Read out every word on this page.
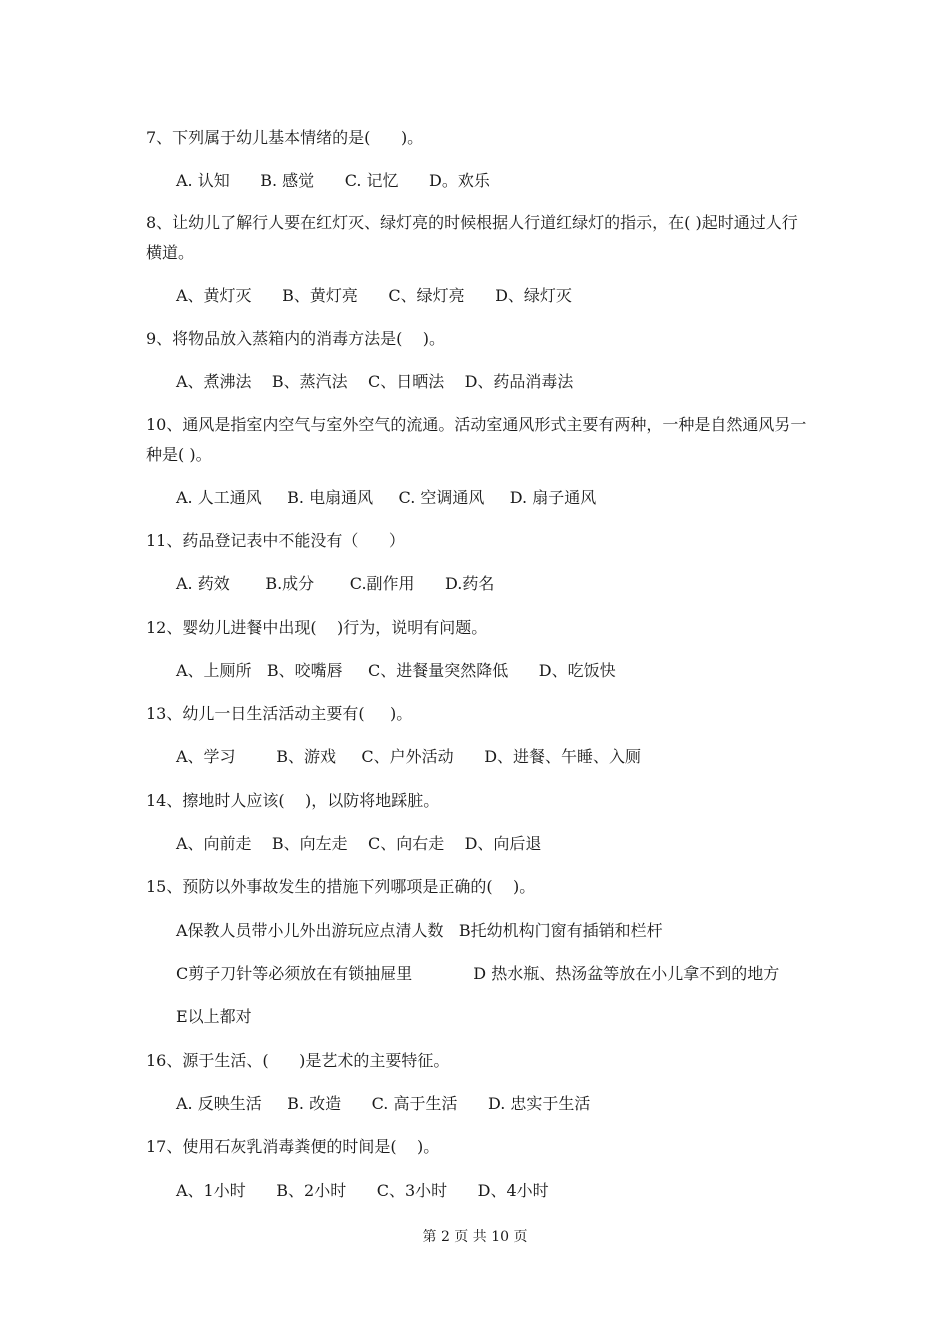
7、下列属于幼儿基本情绪的是(      )。
A. 认知      B. 感觉      C. 记忆      D。欢乐
8、让幼儿了解行人要在红灯灭、绿灯亮的时候根据人行道红绿灯的指示，在( )起时通过人行横道。
A、黄灯灭      B、黄灯亮      C、绿灯亮      D、绿灯灭
9、将物品放入蒸箱内的消毒方法是(    )。
A、煮沸法    B、蒸汽法    C、日晒法    D、药品消毒法
10、通风是指室内空气与室外空气的流通。活动室通风形式主要有两种，一种是自然通风另一种是( )。
A. 人工通风     B. 电扇通风     C. 空调通风     D. 扇子通风
11、药品登记表中不能没有（      ）
A. 药效       B.成分       C.副作用      D.药名
12、婴幼儿进餐中出现(    )行为，说明有问题。
A、上厕所   B、咬嘴唇     C、进餐量突然降低      D、吃饭快
13、幼儿一日生活活动主要有(     )。
A、学习        B、游戏     C、户外活动      D、进餐、午睡、入厕
14、擦地时人应该(    )，以防将地踩脏。
A、向前走    B、向左走    C、向右走    D、向后退
15、预防以外事故发生的措施下列哪项是正确的(    )。
A保教人员带小儿外出游玩应点清人数   B托幼机构门窗有插销和栏杆
C剪子刀针等必须放在有锁抽屉里            D 热水瓶、热汤盆等放在小儿拿不到的地方
E以上都对
16、源于生活、(      )是艺术的主要特征。
A. 反映生活     B. 改造      C. 高于生活      D. 忠实于生活
17、使用石灰乳消毒粪便的时间是(    )。
A、1小时      B、2小时      C、3小时      D、4小时
第 2 页 共 10 页
